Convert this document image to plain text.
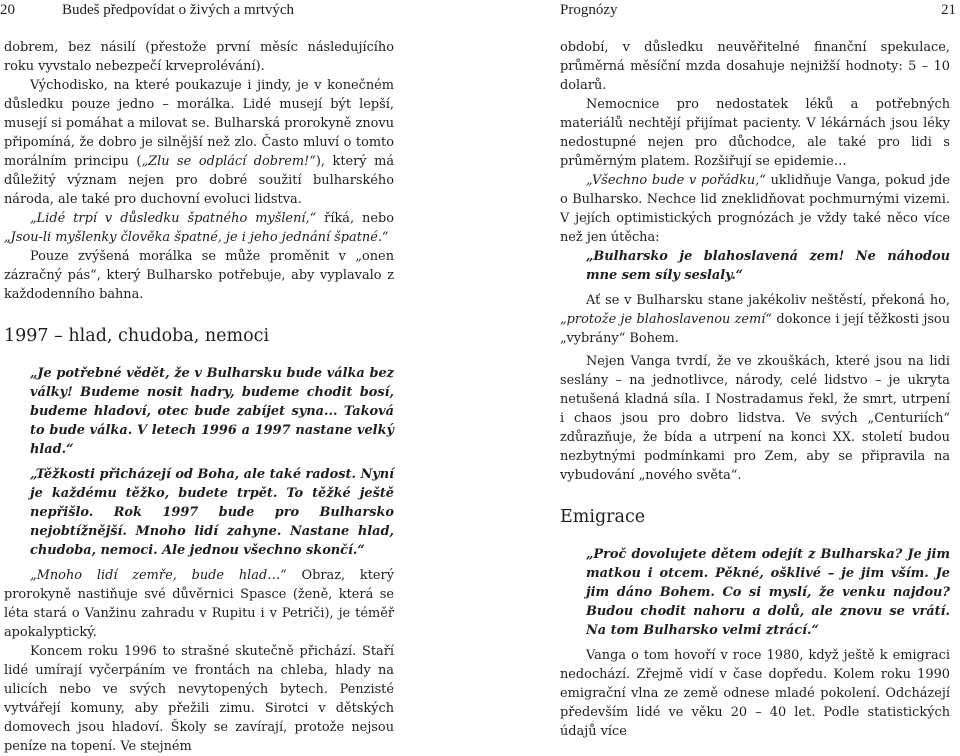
20	Budeš předpovídat o živých a mrtvých

dobrem, bez násilí (přestože první měsíc následujícího roku vyvstalo nebezpečí krveprolévání).

Východisko, na které poukazuje i jindy, je v konečném důsledku pouze jedno – morálka. Lidé musejí být lepší, musejí si pomáhat a milovat se. Bulharská prorokyně znovu připomíná, že dobro je silnější než zlo. Často mluví o tomto morálním principu („Zlu se odplácí dobrem!“), který má důležitý význam nejen pro dobré soužití bulharského národa, ale také pro duchovní evoluci lidstva.

„Lidé trpí v důsledku špatného myšlení,“ říká, nebo „Jsou-li myšlenky člověka špatné, je i jeho jednání špatné.“

Pouze zvýšená morálka se může proměnit v „onen zázračný pás“, který Bulharsko potřebuje, aby vyplavalo z každodenního bahna.

1997 – hlad, chudoba, nemoci

„Je potřebné vědět, že v Bulharsku bude válka bez války! Budeme nosit hadry, budeme chodit bosí, budeme hladoví, otec bude zabíjet syna... Taková to bude válka. V letech 1996 a 1997 nastane velký hlad.“

„Těžkosti přicházejí od Boha, ale také radost. Nyní je každému těžko, budete trpět. To těžké ještě nepřišlo. Rok 1997 bude pro Bulharsko nejobtížnější. Mnoho lidí zahyne. Nastane hlad, chudoba, nemoci. Ale jednou všechno skončí.“

„Mnoho lidí zemře, bude hlad…“ Obraz, který prorokyně nastiňuje své důvěrnici Spasce (ženě, která se léta stará o Vanžinu zahradu v Rupitu i v Petriči), je téměř apokalyptický.

Koncem roku 1996 to strašné skutečně přichází. Staří lidé umírají vyčerpáním ve frontách na chleba, hlady na ulicích nebo ve svých nevytopených bytech. Penzisté vytvářejí komuny, aby přežili zimu. Sirotci v dětských domovech jsou hladoví. Školy se zavírají, protože nejsou peníze na topení. Ve stejném

Prognózy	21

období, v důsledku neuvěřitelné finanční spekulace, průměrná měsíční mzda dosahuje nejnižší hodnoty: 5 – 10 dolarů.

Nemocnice pro nedostatek léků a potřebných materiálů nechtějí přijímat pacienty. V lékárnách jsou léky nedostupné nejen pro důchodce, ale také pro lidi s průměrným platem. Rozšiřují se epidemie…

„Všechno bude v pořádku,“ uklidňuje Vanga, pokud jde o Bulharsko. Nechce lid zneklidňovat pochmurnými vizemi. V jejích optimistických prognózách je vždy také něco více než jen útěcha:

„Bulharsko je blahoslavená zem! Ne náhodou mne sem síly seslaly.“

Ať se v Bulharsku stane jakékoliv neštěstí, překoná ho, „protože je blahoslavenou zemí“ dokonce i její těžkosti jsou „vybrány“ Bohem.

Nejen Vanga tvrdí, že ve zkouškách, které jsou na lidi seslány – na jednotlivce, národy, celé lidstvo – je ukryta netušená kladná síla. I Nostradamus řekl, že smrt, utrpení i chaos jsou pro dobro lidstva. Ve svých „Centuriích“ zdůrazňuje, že bída a utrpení na konci XX. století budou nezbytnými podmínkami pro Zem, aby se připravila na vybudování „nového světa“.

Emigrace

„Proč dovolujete dětem odejít z Bulharska? Je jim matkou i otcem. Pěkné, ošklivé – je jim vším. Je jim dáno Bohem. Co si myslí, že venku najdou? Budou chodit nahoru a dolů, ale znovu se vrátí. Na tom Bulharsko velmi ztrácí.“

Vanga o tom hovoří v roce 1980, když ještě k emigraci nedochází. Zřejmě vidí v čase dopředu. Kolem roku 1990 emigrační vlna ze země odnese mladé pokolení. Odcházejí především lidé ve věku 20 – 40 let. Podle statistických údajů více
